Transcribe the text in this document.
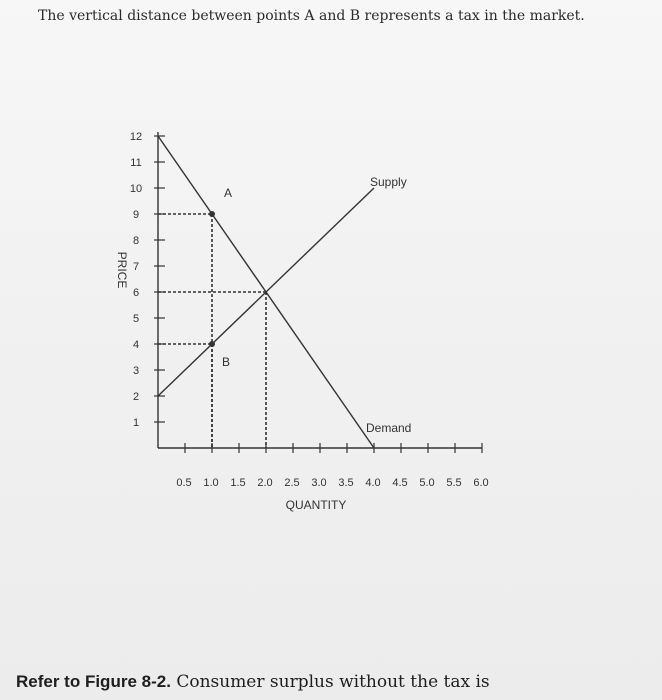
The vertical distance between points A and B represents a tax in the market.
1
2
3
4
5
6
7
8
9
10
11
12
0.5 1.0 1.5 2.0 2.5 3.0 3.5 4.0 4.5 5.0 5.5 6.0
QUANTITY
PRICE
Demand
Supply
A
B
Refer to Figure 8-2. Consumer surplus without the tax is
